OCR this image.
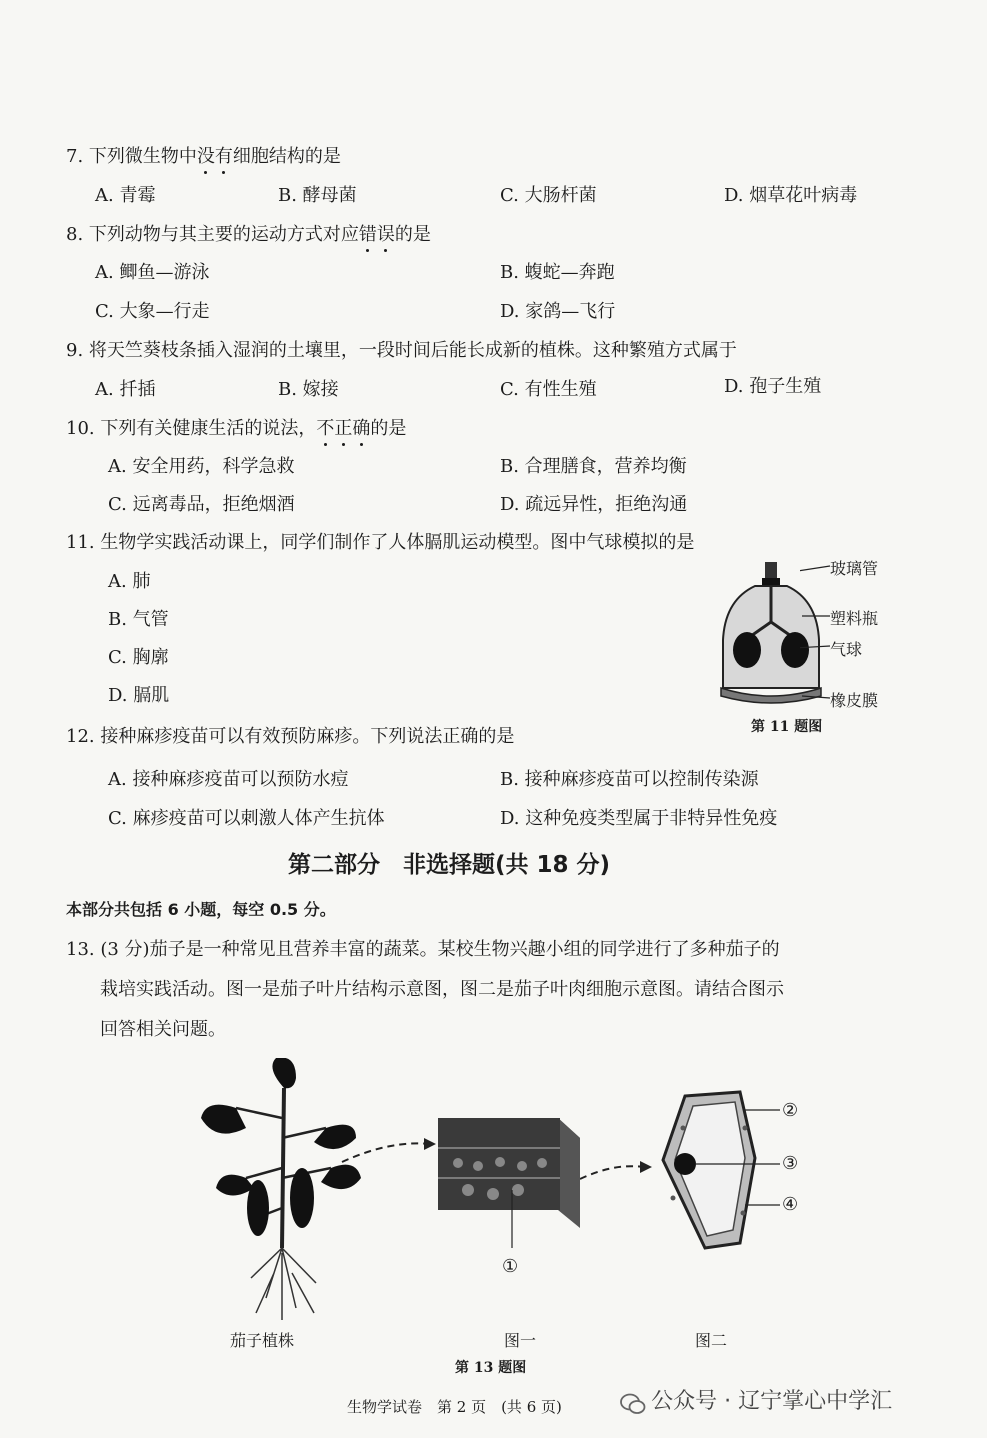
7. 下列微生物中没有细胞结构的是
A. 青霉	B. 酵母菌	C. 大肠杆菌	D. 烟草花叶病毒
8. 下列动物与其主要的运动方式对应错误的是
A. 鲫鱼—游泳	B. 蝮蛇—奔跑
C. 大象—行走	D. 家鸽—飞行
9. 将天竺葵枝条插入湿润的土壤里，一段时间后能长成新的植株。这种繁殖方式属于
A. 扦插	B. 嫁接	C. 有性生殖	D. 孢子生殖
10. 下列有关健康生活的说法，不正确的是
A. 安全用药，科学急救	B. 合理膳食，营养均衡
C. 远离毒品，拒绝烟酒	D. 疏远异性，拒绝沟通
11. 生物学实践活动课上，同学们制作了人体膈肌运动模型。图中气球模拟的是
A. 肺
B. 气管
C. 胸廓
D. 膈肌
玻璃管
塑料瓶
气球
橡皮膜
第 11 题图
12. 接种麻疹疫苗可以有效预防麻疹。下列说法正确的是
A. 接种麻疹疫苗可以预防水痘	B. 接种麻疹疫苗可以控制传染源
C. 麻疹疫苗可以刺激人体产生抗体	D. 这种免疫类型属于非特异性免疫
第二部分　非选择题(共 18 分)
本部分共包括 6 小题，每空 0.5 分。
13. (3 分)茄子是一种常见且营养丰富的蔬菜。某校生物兴趣小组的同学进行了多种茄子的
栽培实践活动。图一是茄子叶片结构示意图，图二是茄子叶肉细胞示意图。请结合图示
回答相关问题。
①
②
③
④
茄子植株	图一	图二
第 13 题图
生物学试卷　第 2 页　(共 6 页)	公众号 · 辽宁掌心中学汇
